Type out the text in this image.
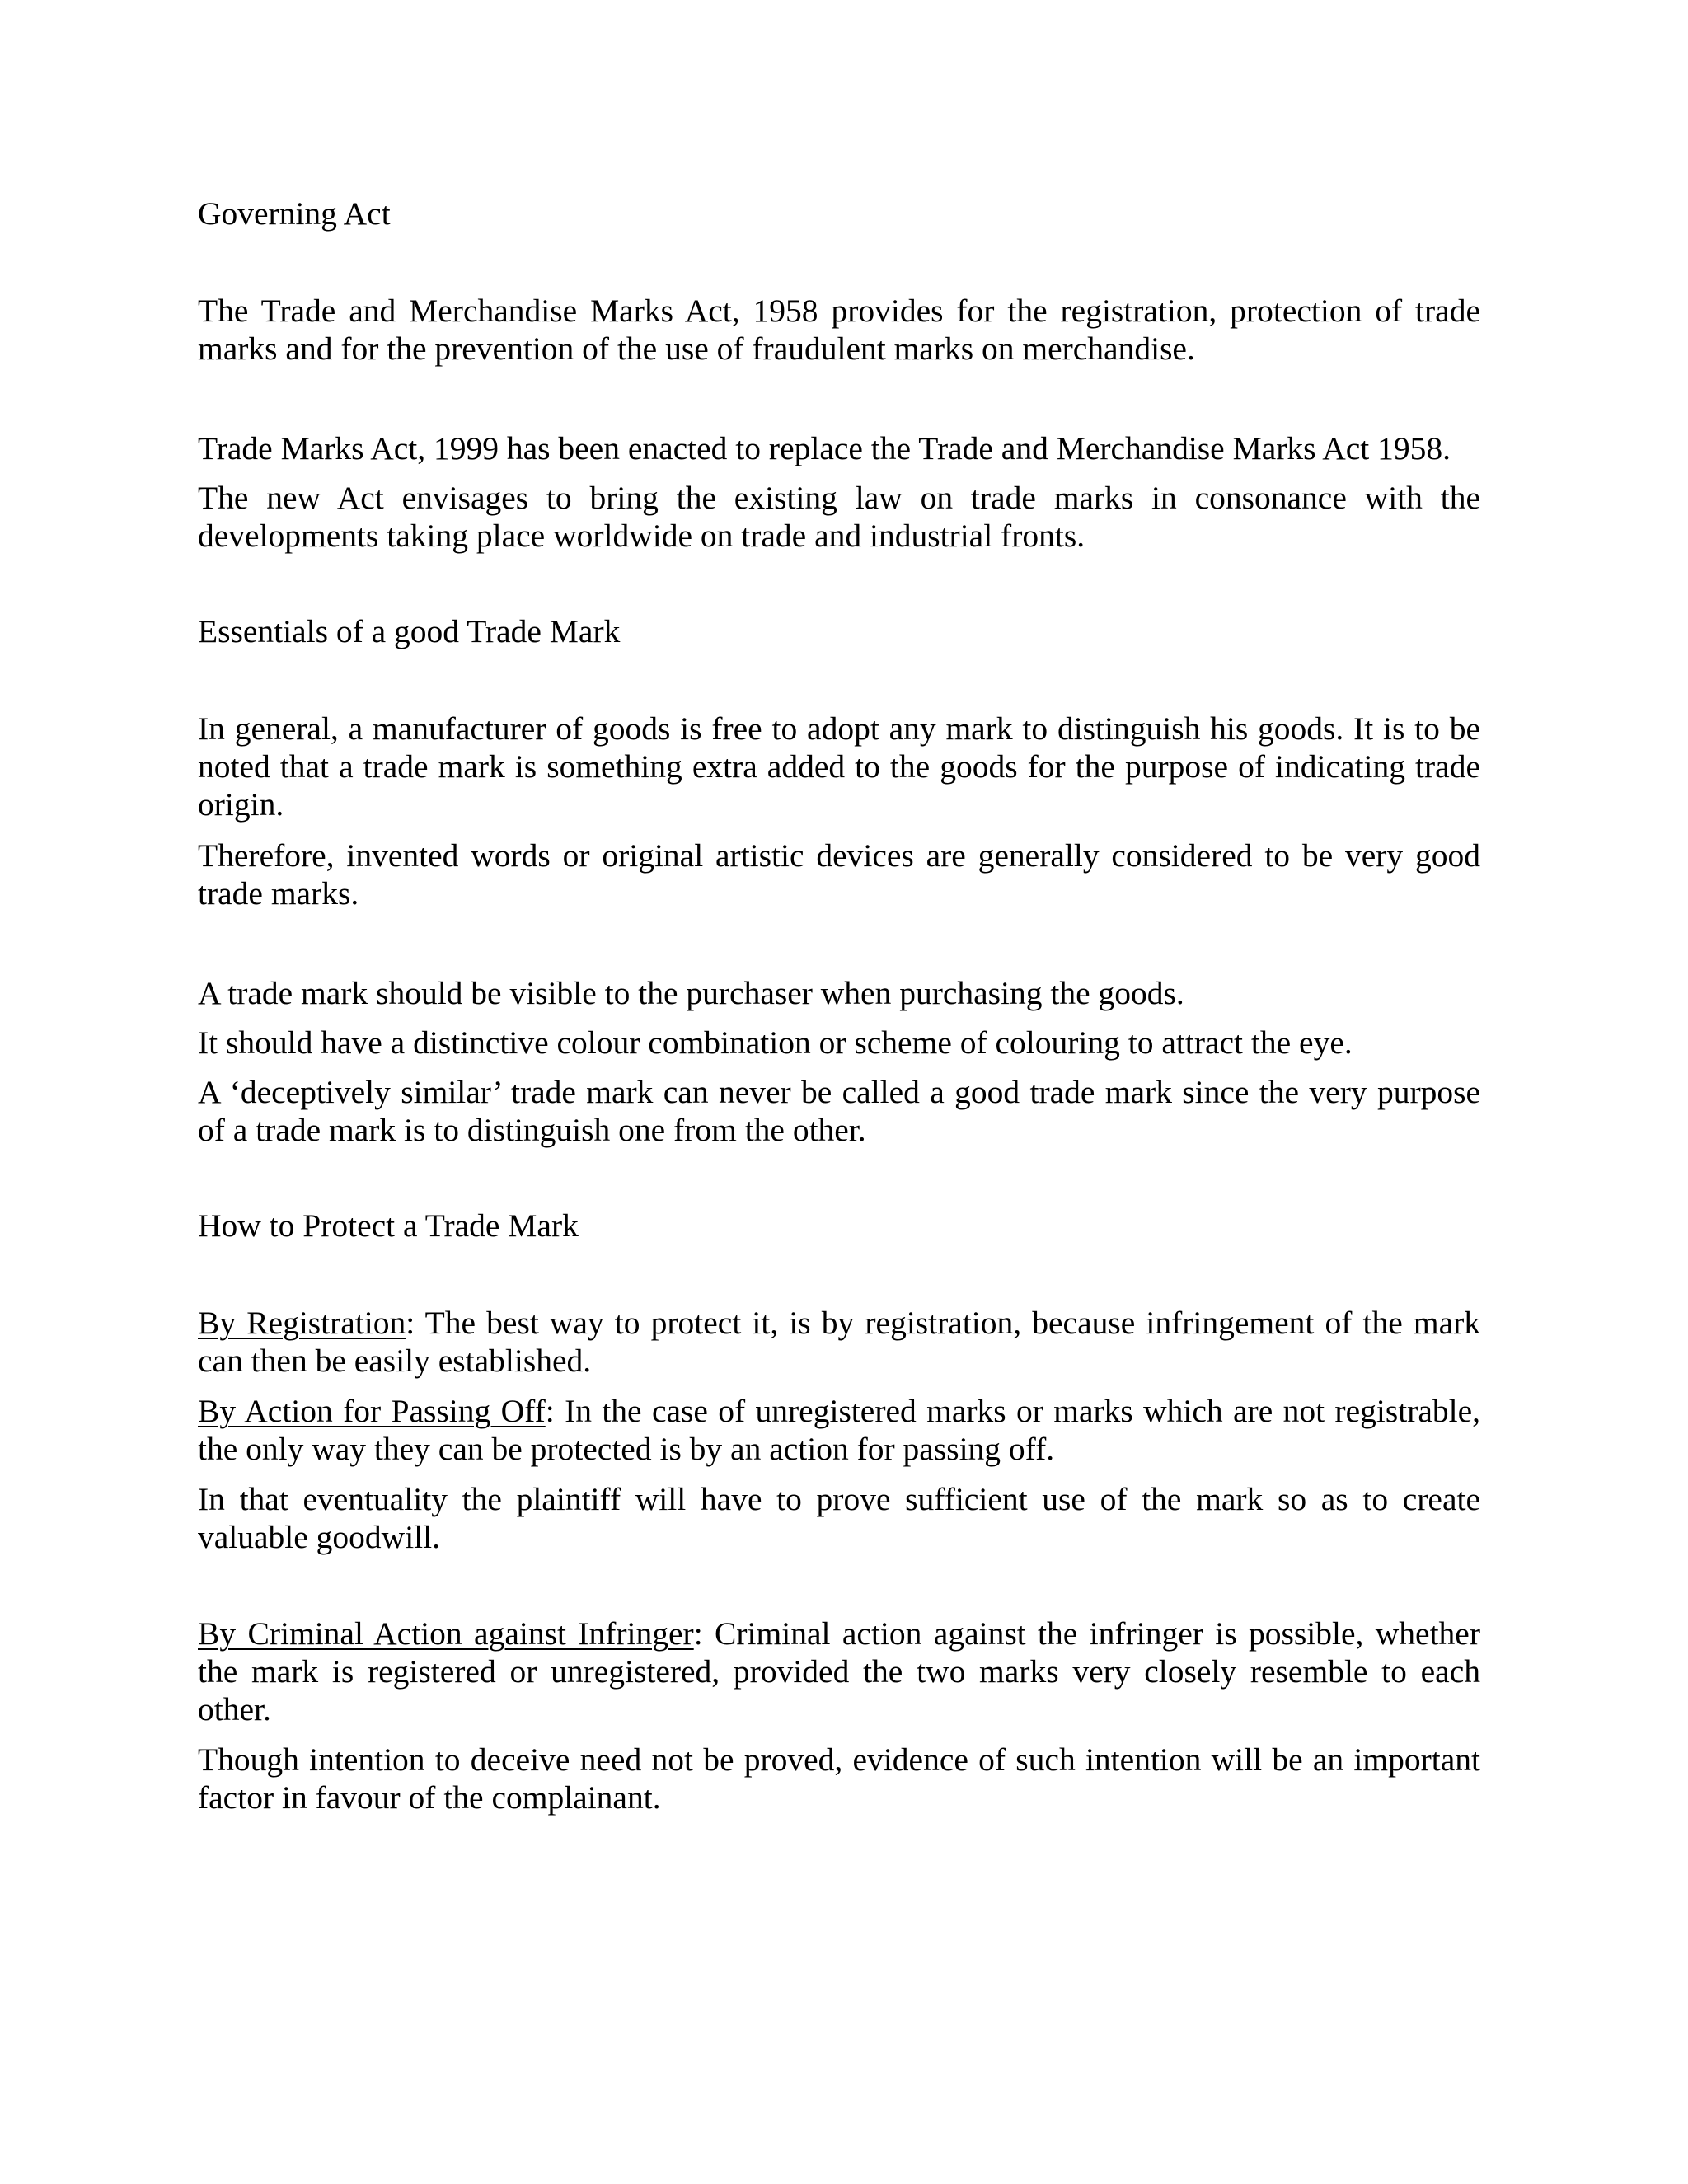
Governing Act

The Trade and Merchandise Marks Act, 1958 provides for the registration, protection of trade marks and for the prevention of the use of fraudulent marks on merchandise.

Trade Marks Act, 1999 has been enacted to replace the Trade and Merchandise Marks Act 1958.

The new Act envisages to bring the existing law on trade marks in consonance with the developments taking place worldwide on trade and industrial fronts.

Essentials of a good Trade Mark

In general, a manufacturer of goods is free to adopt any mark to distinguish his goods. It is to be noted that a trade mark is something extra added to the goods for the purpose of indicating trade origin.

Therefore, invented words or original artistic devices are generally considered to be very good trade marks.

A trade mark should be visible to the purchaser when purchasing the goods.

It should have a distinctive colour combination or scheme of colouring to attract the eye.

A ‘deceptively similar’ trade mark can never be called a good trade mark since the very purpose of a trade mark is to distinguish one from the other.

How to Protect a Trade Mark

By Registration: The best way to protect it, is by registration, because infringement of the mark can then be easily established.

By Action for Passing Off: In the case of unregistered marks or marks which are not registrable, the only way they can be protected is by an action for passing off.

In that eventuality the plaintiff will have to prove sufficient use of the mark so as to create valuable goodwill.

By Criminal Action against Infringer: Criminal action against the infringer is possible, whether the mark is registered or unregistered, provided the two marks very closely resemble to each other.

Though intention to deceive need not be proved, evidence of such intention will be an important factor in favour of the complainant.
